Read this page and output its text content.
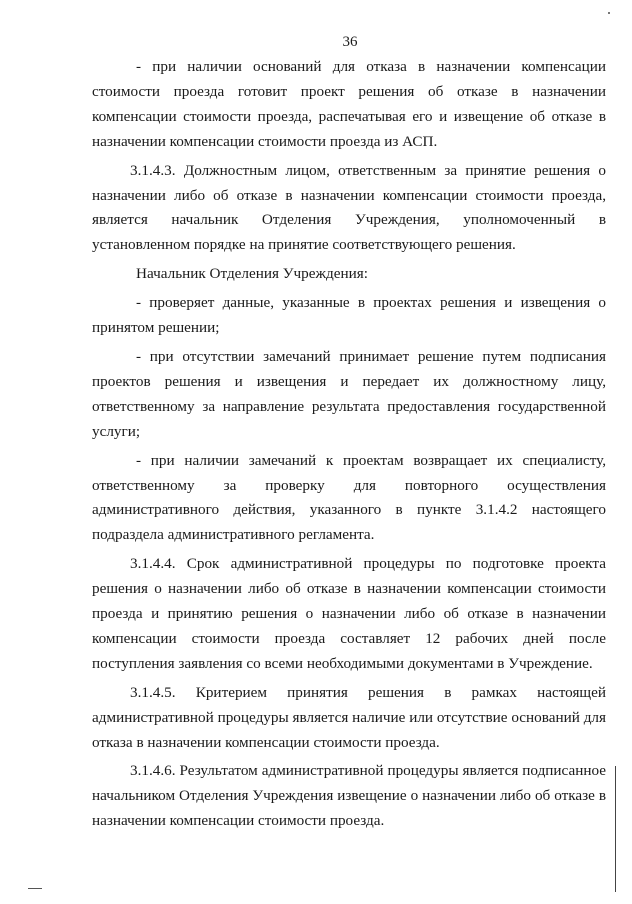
36

- при наличии оснований для отказа в назначении компенсации стоимости проезда готовит проект решения об отказе в назначении компенсации стоимости проезда, распечатывая его и извещение об отказе в назначении компенсации стоимости проезда из АСП.

3.1.4.3. Должностным лицом, ответственным за принятие решения о назначении либо об отказе в назначении компенсации стоимости проезда, является начальник Отделения Учреждения, уполномоченный в установленном порядке на принятие соответствующего решения.

Начальник Отделения Учреждения:

- проверяет данные, указанные в проектах решения и извещения о принятом решении;

- при отсутствии замечаний принимает решение путем подписания проектов решения и извещения и передает их должностному лицу, ответственному за направление результата предоставления государственной услуги;

- при наличии замечаний к проектам возвращает их специалисту, ответственному за проверку для повторного осуществления административного действия, указанного в пункте 3.1.4.2 настоящего подраздела административного регламента.

3.1.4.4. Срок административной процедуры по подготовке проекта решения о назначении либо об отказе в назначении компенсации стоимости проезда и принятию решения о назначении либо об отказе в назначении компенсации стоимости проезда составляет 12 рабочих дней после поступления заявления со всеми необходимыми документами в Учреждение.

3.1.4.5. Критерием принятия решения в рамках настоящей административной процедуры является наличие или отсутствие оснований для отказа в назначении компенсации стоимости проезда.

3.1.4.6. Результатом административной процедуры является подписанное начальником Отделения Учреждения извещение о назначении либо об отказе в назначении компенсации стоимости проезда.
